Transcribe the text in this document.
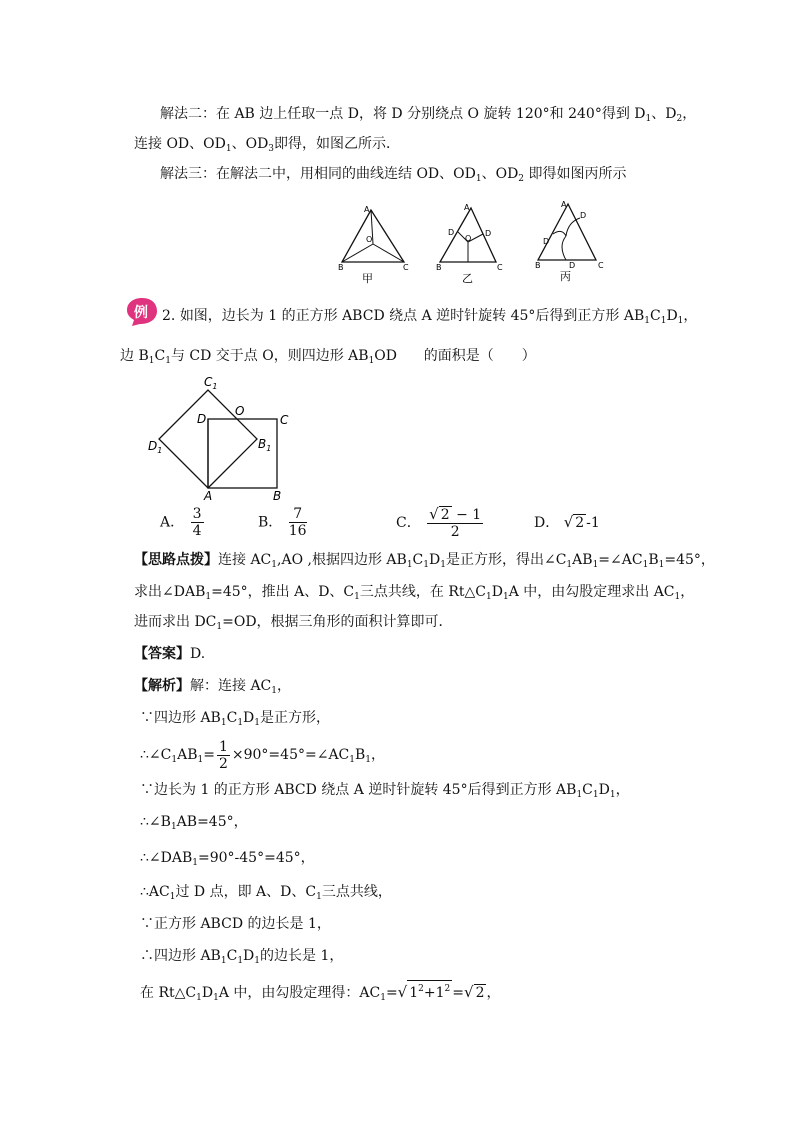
解法二：在 AB 边上任取一点 D，将 D 分别绕点 O 旋转 120°和 240°得到 $D_1$、$D_2$，
连接 OD、$OD_1$、$OD_3$即得，如图乙所示．
解法三：在解法二中，用相同的曲线连结 OD、$OD_1$、$OD_2$ 即得如图丙所示
A
O
B	C
甲
A
D	D
O
B	C
乙
A
D
D
D
B	C
丙
例 2. 如图，边长为 1 的正方形 ABCD 绕点 A 逆时针旋转 45°后得到正方形 $AB_1C_1D_1$，
边 $B_1C_1$与 CD 交于点 O，则四边形 $AB_1OD$ 的面积是（　　）
$C_1$
D
O
C
$D_1$	$B_1$
A	B
A． $\frac{3}{4}$	B． $\frac{7}{16}$	C． $\frac{√ 2 - 1}{2}$	D． √ 2 -1
【思路点拨】连接 $AC_1,AO$ ,根据四边形 $AB_1C_1D_1$是正方形，得出$\angle C_1AB_1=\angle AC_1B_1=45^\circ$，
求出$\angle DAB_1=45^\circ$，推出 A、D、$C_1$三点共线，在 $Rt\triangle C_1D_1A$ 中，由勾股定理求出 $AC_1$，
进而求出 $DC_1=OD$，根据三角形的面积计算即可．
【答案】D.
【解析】解：连接 $AC_1$，
∵四边形 $AB_1C_1D_1$是正方形，
$\therefore\angle C_1AB_1= \frac{1}{2}$ $\times 90^\circ=45^\circ=\angle AC_1B_1$，
∵边长为 1 的正方形 ABCD 绕点 A 逆时针旋转 45°后得到正方形 $AB_1C_1D_1$，
$\therefore\angle B_1AB=45^\circ$，
$\therefore\angle DAB_1=90^\circ-45^\circ=45^\circ$，
$\therefore AC_1$过 D 点，即 A、D、$C_1$三点共线，
∵正方形 ABCD 的边长是 1，
∴四边形 $AB_1C_1D_1$的边长是 1，
在 $Rt\triangle C_1D_1A$ 中，由勾股定理得：$AC_1=√$ $1^2+1^2$ =√ 2 ，
